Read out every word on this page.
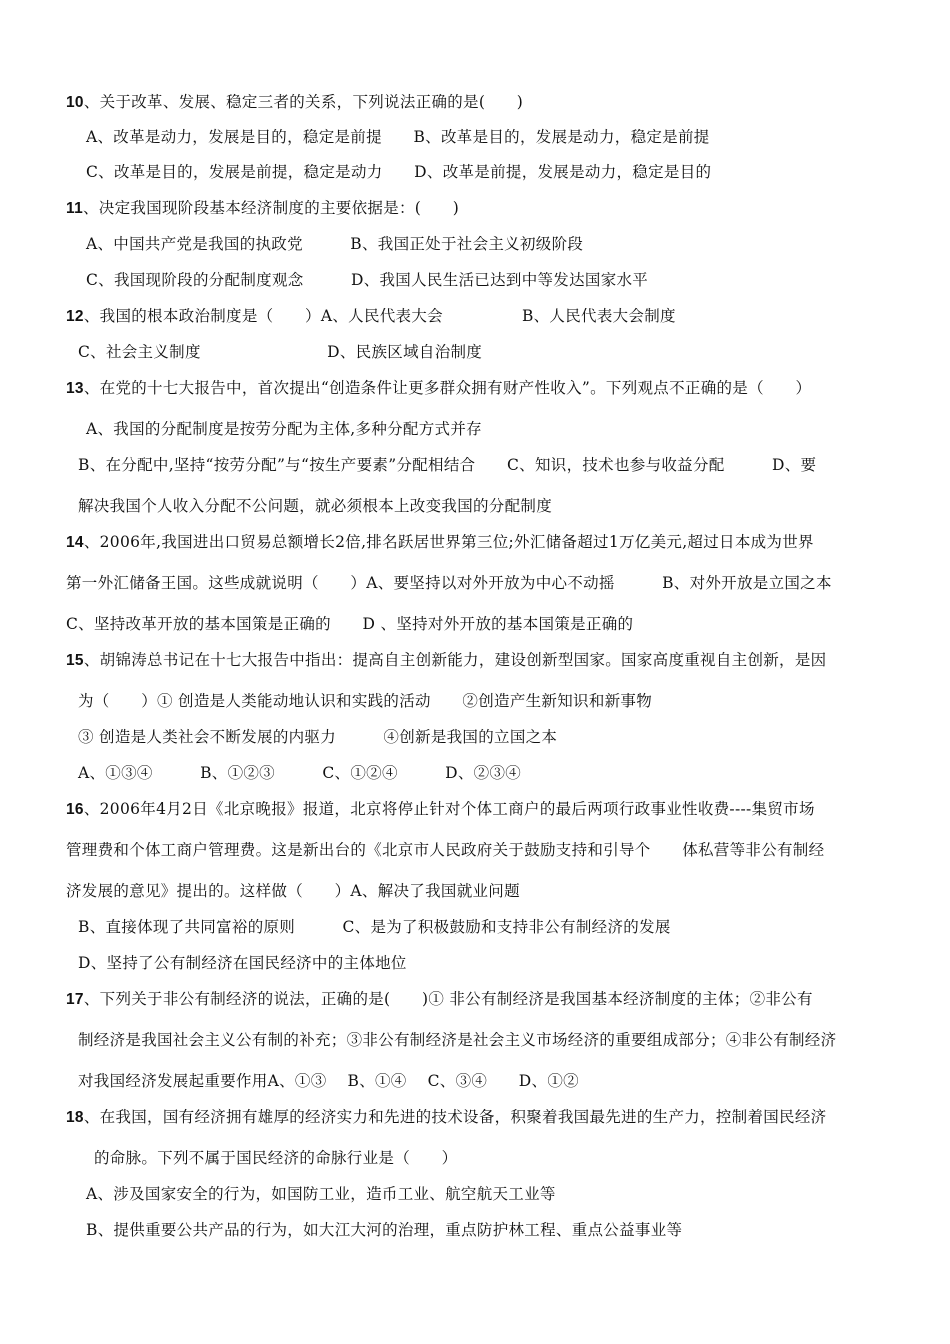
10、关于改革、发展、稳定三者的关系，下列说法正确的是(　　)
A、改革是动力，发展是目的，稳定是前提　　B、改革是目的，发展是动力，稳定是前提
C、改革是目的，发展是前提，稳定是动力　　D、改革是前提，发展是动力，稳定是目的
11、决定我国现阶段基本经济制度的主要依据是：(　　)
A、中国共产党是我国的执政党　　　B、我国正处于社会主义初级阶段
C、我国现阶段的分配制度观念　　　D、我国人民生活已达到中等发达国家水平
12、我国的根本政治制度是（　　）A、人民代表大会　　　　　B、人民代表大会制度
C、社会主义制度　　　　　　　　D、民族区域自治制度
13、在党的十七大报告中，首次提出“创造条件让更多群众拥有财产性收入”。下列观点不正确的是（　　）
A、我国的分配制度是按劳分配为主体,多种分配方式并存
B、在分配中,坚持“按劳分配”与“按生产要素”分配相结合　　C、知识，技术也参与收益分配　　　D、要
解决我国个人收入分配不公问题，就必须根本上改变我国的分配制度
14、2006年,我国进出口贸易总额增长2倍,排名跃居世界第三位;外汇储备超过1万亿美元,超过日本成为世界
第一外汇储备王国。这些成就说明（　　）A、要坚持以对外开放为中心不动摇　　　B、对外开放是立国之本
C、坚持改革开放的基本国策是正确的　　D 、坚持对外开放的基本国策是正确的
15、胡锦涛总书记在十七大报告中指出：提高自主创新能力，建设创新型国家。国家高度重视自主创新，是因
为（　　）① 创造是人类能动地认识和实践的活动　　②创造产生新知识和新事物
③ 创造是人类社会不断发展的内驱力　　　④创新是我国的立国之本
A、①③④　　　B、①②③　　　C、①②④　　　D、②③④
16、2006年4月2日《北京晚报》报道，北京将停止针对个体工商户的最后两项行政事业性收费----集贸市场
管理费和个体工商户管理费。这是新出台的《北京市人民政府关于鼓励支持和引导个　　体私营等非公有制经
济发展的意见》提出的。这样做（　　）A、解决了我国就业问题
B、直接体现了共同富裕的原则　　　C、是为了积极鼓励和支持非公有制经济的发展
D、坚持了公有制经济在国民经济中的主体地位
17、下列关于非公有制经济的说法，正确的是(　　)① 非公有制经济是我国基本经济制度的主体；②非公有
制经济是我国社会主义公有制的补充；③非公有制经济是社会主义市场经济的重要组成部分；④非公有制经济
对我国经济发展起重要作用A、①③　 B、①④　 C、③④　　D、①②
18、在我国，国有经济拥有雄厚的经济实力和先进的技术设备，积聚着我国最先进的生产力，控制着国民经济
的命脉。下列不属于国民经济的命脉行业是（　　）
A、涉及国家安全的行为，如国防工业，造币工业、航空航天工业等
B、提供重要公共产品的行为，如大江大河的治理，重点防护林工程、重点公益事业等
